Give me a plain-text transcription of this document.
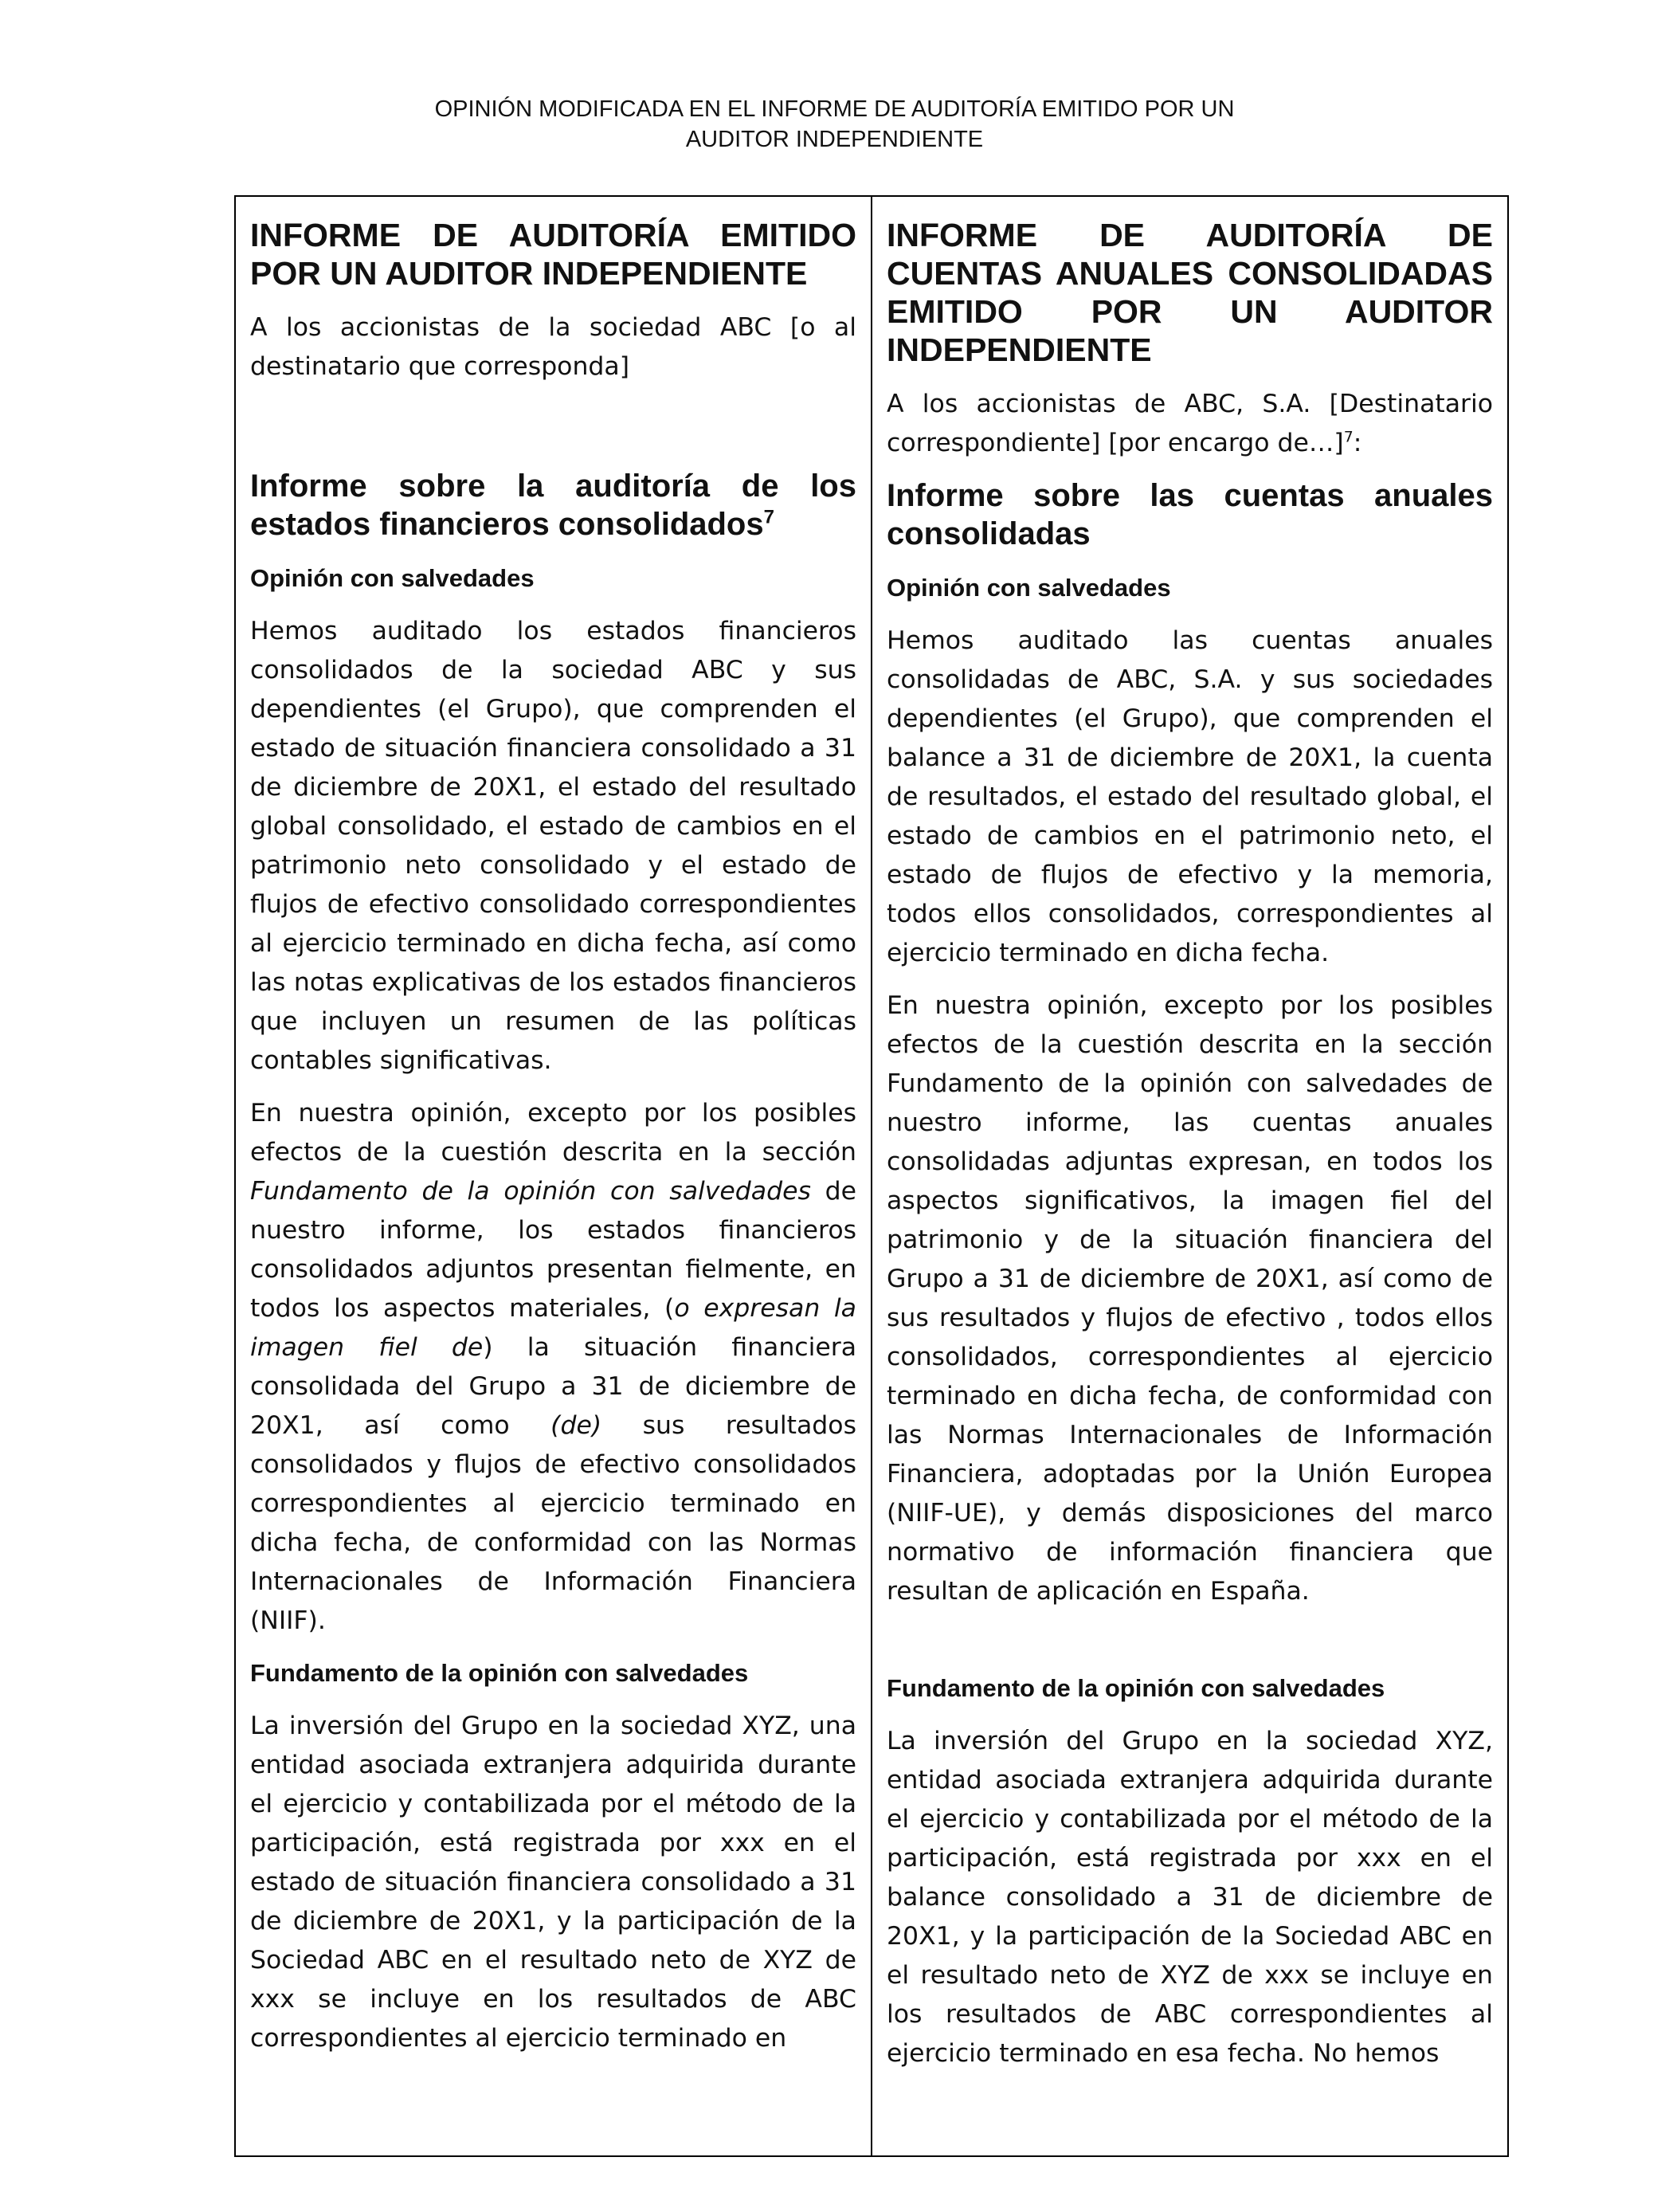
OPINIÓN MODIFICADA EN EL INFORME DE AUDITORÍA EMITIDO POR UN
AUDITOR INDEPENDIENTE
INFORME DE AUDITORÍA EMITIDO POR UN AUDITOR INDEPENDIENTE
A los accionistas de la sociedad ABC [o al destinatario que corresponda]
Informe sobre la auditoría de los estados financieros consolidados$^7$
Opinión con salvedades
Hemos auditado los estados financieros consolidados de la sociedad ABC y sus dependientes (el Grupo), que comprenden el estado de situación financiera consolidado a 31 de diciembre de 20X1, el estado del resultado global consolidado, el estado de cambios en el patrimonio neto consolidado y el estado de flujos de efectivo consolidado correspondientes al ejercicio terminado en dicha fecha, así como las notas explicativas de los estados financieros que incluyen un resumen de las políticas contables significativas.
En nuestra opinión, excepto por los posibles efectos de la cuestión descrita en la sección Fundamento de la opinión con salvedades de nuestro informe, los estados financieros consolidados adjuntos presentan fielmente, en todos los aspectos materiales, (o expresan la imagen fiel de) la situación financiera consolidada del Grupo a 31 de diciembre de 20X1, así como (de) sus resultados consolidados y flujos de efectivo consolidados correspondientes al ejercicio terminado en dicha fecha, de conformidad con las Normas Internacionales de Información Financiera (NIIF).
Fundamento de la opinión con salvedades
La inversión del Grupo en la sociedad XYZ, una entidad asociada extranjera adquirida durante el ejercicio y contabilizada por el método de la participación, está registrada por xxx en el estado de situación financiera consolidado a 31 de diciembre de 20X1, y la participación de la Sociedad ABC en el resultado neto de XYZ de xxx se incluye en los resultados de ABC correspondientes al ejercicio terminado en

INFORME DE AUDITORÍA DE CUENTAS ANUALES CONSOLIDADAS EMITIDO POR UN AUDITOR INDEPENDIENTE
A los accionistas de ABC, S.A. [Destinatario correspondiente] [por encargo de…]$^7$:
Informe sobre las cuentas anuales consolidadas
Opinión con salvedades
Hemos auditado las cuentas anuales consolidadas de ABC, S.A. y sus sociedades dependientes (el Grupo), que comprenden el balance a 31 de diciembre de 20X1, la cuenta de resultados, el estado del resultado global, el estado de cambios en el patrimonio neto, el estado de flujos de efectivo y la memoria, todos ellos consolidados, correspondientes al ejercicio terminado en dicha fecha.
En nuestra opinión, excepto por los posibles efectos de la cuestión descrita en la sección Fundamento de la opinión con salvedades de nuestro informe, las cuentas anuales consolidadas adjuntas expresan, en todos los aspectos significativos, la imagen fiel del patrimonio y de la situación financiera del Grupo a 31 de diciembre de 20X1, así como de sus resultados y flujos de efectivo , todos ellos consolidados, correspondientes al ejercicio terminado en dicha fecha, de conformidad con las Normas Internacionales de Información Financiera, adoptadas por la Unión Europea (NIIF-UE), y demás disposiciones del marco normativo de información financiera que resultan de aplicación en España.
Fundamento de la opinión con salvedades
La inversión del Grupo en la sociedad XYZ, entidad asociada extranjera adquirida durante el ejercicio y contabilizada por el método de la participación, está registrada por xxx en el balance consolidado a 31 de diciembre de 20X1, y la participación de la Sociedad ABC en el resultado neto de XYZ de xxx se incluye en los resultados de ABC correspondientes al ejercicio terminado en esa fecha. No hemos
